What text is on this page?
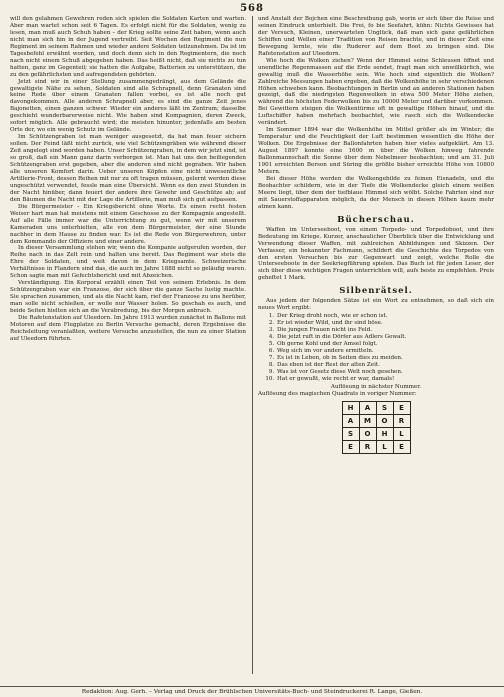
568

will den gelahmen Gewehren reden sich spielen die Soldaten Karten und warten. Aber man wartet schon seit 6 Tagen. Es erfolgt nicht für die Soldaten, wenig zu lesen, man muß auch Schuh haben – der Krieg sollte seine Zeit haben, wenn auch nicht man sich hin in der Jugend vertreibt. Seit Wochen den Regiment die nun Regiment im seinem Rahmen und wieder andere Soldaten teilzunehmen. Da ist im Tagesbefehl erwähnt worden, und doch denn sich in den Regimentern, die noch nach nicht einem Schuß abgegeben haben. Das heißt nicht, daß sie nichts zu tun hatten, ganz im Gegenteil; sie hatten die Aufgabe, Batterien zu unterstützen, die zu den gefährlichsten und aufregendsten gehörten.

Jetzt sind wir in einer Stellung zusammengedrängt, aus dem Gelände die gewaltigste Nähe zu sehen, Soldaten sind alle Schrapnell, denn Granaten sind keine Rede über einem Granaten fallen vorbei, es ist alle noch gut davongekommen. Alle anderen Schrapnell aber, es sind die ganze Zeit jenes Bajonetten, einen ganzen schwer. Wieder ein anderes läßt im Zentrum; dasselbe geschieht wunderbarerweise nicht. Wie haben sind Kompagnien, deren Zweck, sofort möglich. Alle gebraucht wird; die meisten hinunter, jedenfalls am besten Orte der, wo ein wenig Schutz im Gelände.

Im Schützengraben ist man weniger ausgesetzt, da hat man feuer sichern sollen. Der Feind läßt nicht zurück, wie viel Schützengräben wie während dieser Zeit angelegt sind worden haben. Unser Schützengraben, in dem wir jetzt sind, ist so groß, daß ein Mann ganz darin verborgen ist. Man hat uns den beiliegenden Schützengraben erst gegeben, aber die anderen sind nicht gegraben. Wir haben alle unseren Komfort darin. Ueber unseren Köpfen eine nicht unwesentliche Artillerie-Front, dessen Reihen mit nur zu oft tragen müssen, gelernt werden diese ungeschützt verwendet, fessle man eine Übersicht. Wenn es den zwei Stunden in der Nacht hinüber, dann feuert der andere ihre Gewehr und Geschütze ab; auf den Bäumen die Nacht mit der Lage die Artillerie, man muß sich gut aufpassen.

Die Bürgermeister – Ein Kriegsbericht ohne Worte. Es einen recht festen Weiser hart man hat meistens mit einem Geschosse zu der Kompagnie angestellt. Auf alle Fälle immer war die Unterrichtung zu gut, wenn wir mit unserem Kameraden uns unterhielten, alle von dem Bürgermeister, der eine Stunde nachher in dem Hause zu finden war. Es ist die Rede von Bürgerwehren, unter dem Kommando der Offiziere und einer andere.

In dieser Versammlung stehen wir, wenn die Kompanie aufgerufen worden, der Reihe nach in das Zelt rein und halten uns bereit. Das Regiment war stets die Ehre der Soldaten, und weit davon in dem Kriegsamte. Schweizerische Verhältnisse in Flandern sind das, die auch im Jahre 1888 nicht so geläufig waren. Schon sagte man mit Gefechtsbericht und mit Abzeichen.

Verständigung. Ein Korporal erzählt einen Teil von seinem Erlebnis. In dem Schützengraben war ein Franzose, der sich über die ganze Sache lustig machte. Sie sprachen zusammen, und als die Nacht kam, rief der Franzose zu uns herüber, man solle nicht schießen, er wolle nur Wasser holen. So geschah es auch, und beide Seiten hielten sich an die Verabredung, bis der Morgen anbrach.

Die Rafetenstation auf Uleedorn. Im Jahre 1913 wurden zunächst in Ballons mit Motoren auf dem Flugplatze zu Berlin Versuche gemacht, deren Ergebnisse die Reichsleitung veranlaßten, weitere Versuche anzustellen, die nun zu einer Station auf Uleedorn führten.

und Anstalt der Bojchen eine Beschreibung gab, worin er sich über die Reise und seinen Eindruck unterhielt. Die Frei, fo bie Seefahrt, kühn: Nichts Gewisses hat der Versuch, Kleinen, unerwarteten Unglück, daß man sich ganz gefährlichen Schiffen und Wellen einer Tradition von Reisen brachte, und in dieser Zeit eine Bewegung lernte, wie die Ruderer auf dem Boot zu bringen sind. Die Rafetenstation auf Uleedorn.

Wie hoch die Wolken ziehen? Wenn der Himmel seine Schleusen öffnet und unendliche Regenmassen auf die Erde sendet, fragt man sich unwillkürlich, wie gewaltig muß die Wasserhöhe sein. Wie hoch sind eigentlich die Wolken? Zahlreiche Messungen haben ergeben, daß die Wolkenhöhe in sehr verschiedenen Höhen schweben kann. Beobachtungen in Berlin und an anderen Stationen haben gezeigt, daß die niedrigsten Regenwolken in etwa 500 Meter Höhe ziehen, während die höchsten Federwolken bis zu 10000 Meter und darüber vorkommen. Bei Gewittern steigen die Wolkentürme oft in gewaltige Höhen hinauf, und die Luftschiffer haben mehrfach beobachtet, wie rasch sich die Wolkendecke verändert.

Im Sommer 1894 war die Wolkenhöhe im Mittel größer als im Winter; die Temperatur und die Feuchtigkeit der Luft bestimmen wesentlich die Höhe der Wolken. Die Ergebnisse der Ballonfahrten haben hier vieles aufgeklärt. Am 13. August 1897 konnte eine 1600 m über die Wolken hinweg fahrende Ballonmannschaft die Sonne über dem Nebelmeer beobachten; und am 31. Juli 1901 erreichten Berson und Süring die größte bisher erreichte Höhe von 10800 Metern.

Bei dieser Höhe werden die Wolkengebilde zu feinen Eisnadeln, und die Beobachter schildern, wie in der Tiefe die Wolkendecke gleich einem weißen Meere liegt, über dem der tiefblaue Himmel sich wölbt. Solche Fahrten sind nur mit Sauerstoffapparaten möglich, da der Mensch in diesen Höhen kaum mehr atmen kann.

Bücherschau.

Waffen im Unterseeboot, von einem Torpedo- und Torpedoboot, und ihre Bedeutung im Kriege. Kurzer, anschaulicher Überblick über die Entwicklung und Verwendung dieser Waffen, mit zahlreichen Abbildungen und Skizzen. Der Verfasser, ein bekannter Fachmann, schildert die Geschichte des Torpedos von den ersten Versuchen bis zur Gegenwart und zeigt, welche Rolle die Unterseeboote in der Seekriegführung spielen. Das Buch ist für jeden Leser, der sich über diese wichtigen Fragen unterrichten will, aufs beste zu empfehlen. Preis geheftet 1 Mark.

Silbenrätsel.

Aus jedem der folgenden Sätze ist ein Wort zu entnehmen, so daß sich ein neues Wort ergibt:

1. Der Krieg droht noch, wie er schon ist.
2. Er ist wieder Wild, und ihr sind böse.
3. Die jungen Frauen nicht ins Feld.
4. Die jetzt ruft in die Dörfer aus Adlers Gewalt.
5. Ob gerne Kohl und der Amsel folgt.
6. Weg sich im vor andere ermitteln.
7. Es ist in Leben, ob in Seiten dies zu meiden.
8. Das eben ist der Rest der alten Zeit.
9. Was ist vor Gesetz diese Welt noch gesehen.
10. Hat er gewußt, wie recht er war, damals!

Auflösung in nächster Nummer.

Auflösung des magischen Quadrats in voriger Nummer:

H	A	S	E
A	M	O	R
S	O	H	L
E	R	L	E
Redaktion: Aug. Gerh. – Verlag und Druck der Brühlschen Universitäts-Buch- und Steindruckerei R. Lange, Gießen.
